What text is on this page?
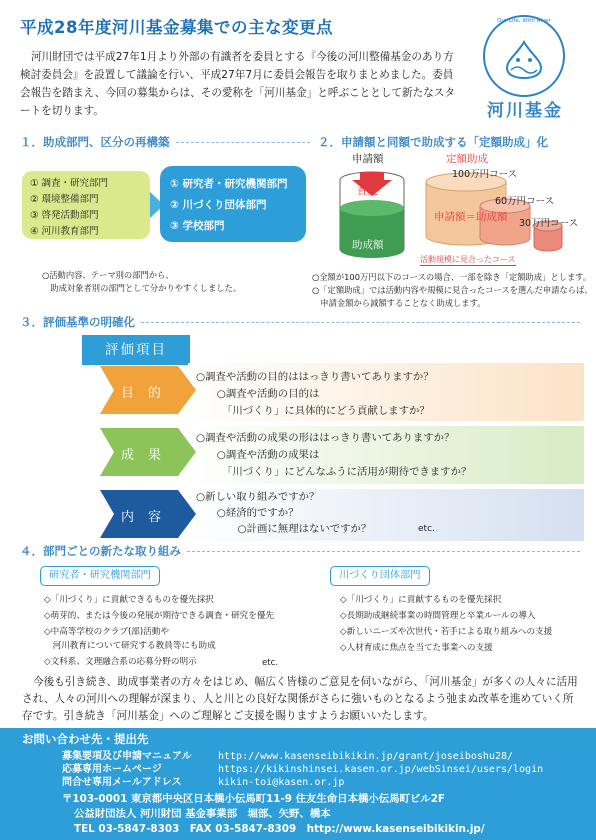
平成28年度河川基金募集での主な変更点
河川財団では平成27年1月より外部の有識者を委員とする『今後の河川整備基金のあり方検討委員会』を設置して議論を行い、平成27年7月に委員会報告を取りまとめました。委員会報告を踏まえ、今回の募集からは、その愛称を「河川基金」と呼ぶこととして新たなスタートを切ります。
Our Life, With River
河川基金
１．助成部門、区分の再構築
① 調査・研究部門
② 環境整備部門
③ 啓発活動部門
④ 河川教育部門
① 研究者・研究機関部門
② 川づくり団体部門
③ 学校部門
○活動内容、テーマ別の部門から、
　助成対象者別の部門として分かりやすくしました。
２．申請額と同額で助成する「定額助成」化
申請額
査定
助成額
定額助成
100万円コース
60万円コース
30万円コース
申請額＝助成額
活動規模に見合ったコース
○全額が100万円以下のコースの場合、一部を除き「定額助成」とします。
○「定額助成」では活動内容や規模に見合ったコースを選んだ申請ならば、
　申請金額から減額することなく助成します。
３．評価基準の明確化
評価項目
目的
成果
内容
○調査や活動の目的ははっきり書いてありますか？
　　○調査や活動の目的は
　　　「川づくり」に具体的にどう貢献しますか？
○調査や活動の成果の形ははっきり書いてありますか？
　　○調査や活動の成果は
　　　「川づくり」にどんなふうに活用が期待できますか？
○新しい取り組みですか？
　　○経済的ですか？
　　　　○計画に無理はないですか？	etc.
４．部門ごとの新たな取り組み
研究者・研究機関部門
◇「川づくり」に貢献できるものを優先採択
◇萌芽的、または今後の発展が期待できる調査・研究を優先
◇中高等学校のクラブ(部)活動や
　河川教育について研究する教員等にも助成
◇文科系、文理融合系の応募分野の明示	etc.
川づくり団体部門
◇「川づくり」に貢献するものを優先採択
◇長期助成継続事業の時間管理と卒業ルールの導入
◇新しいニーズや次世代・若手による取り組みへの支援
◇人材育成に焦点を当てた事業への支援
今後も引き続き、助成事業者の方々をはじめ、幅広く皆様のご意見を伺いながら、「河川基金」が多くの人々に活用され、人々の河川への理解が深まり、人と川との良好な関係がさらに強いものとなるよう弛まぬ改革を進めていく所存です。引き続き「河川基金」へのご理解とご支援を賜りますようお願いいたします。
お問い合わせ先・提出先
募集要項及び申請マニュアル	http://www.kasenseibikikin.jp/grant/joseiboshu28/
応募専用ホームページ	https://kikinshinsei.kasen.or.jp/webSinsei/users/login
問合せ専用メールアドレス	kikin-toi@kasen.or.jp
〒103-0001 東京都中央区日本橋小伝馬町11-9 住友生命日本橋小伝馬町ビル2F
公益財団法人 河川財団 基金事業部　堀部、矢野、橋本
TEL 03-5847-8303　FAX 03-5847-8309　http://www.kasenseibikikin.jp/
